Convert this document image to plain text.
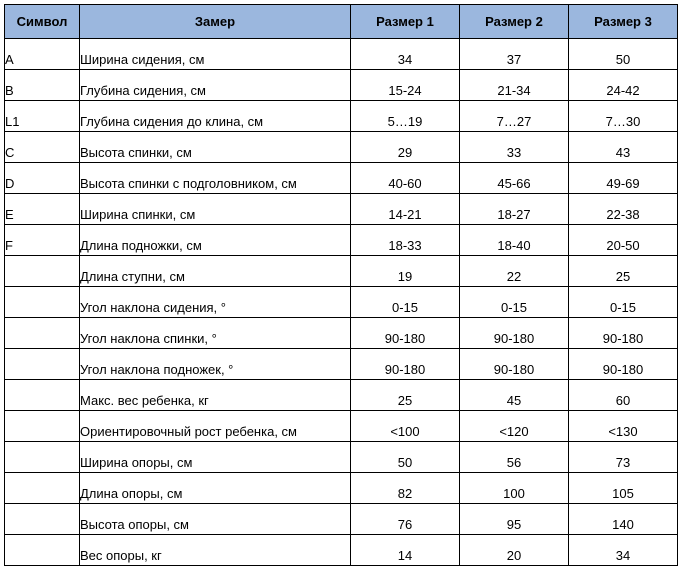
Символ	Замер	Размер 1	Размер 2	Размер 3
A	Ширина сидения, см	34	37	50
B	Глубина сидения, см	15-24	21-34	24-42
L1	Глубина сидения до клина, см	5…19	7…27	7…30
C	Высота спинки, см	29	33	43
D	Высота спинки с подголовником, см	40-60	45-66	49-69
E	Ширина спинки, см	14-21	18-27	22-38
F	Длина подножки, см	18-33	18-40	20-50
	Длина ступни, см	19	22	25
	Угол наклона сидения, °	0-15	0-15	0-15
	Угол наклона спинки, °	90-180	90-180	90-180
	Угол наклона подножек, °	90-180	90-180	90-180
	Макс. вес ребенка, кг	25	45	60
	Ориентировочный рост ребенка, см	<100	<120	<130
	Ширина опоры, см	50	56	73
	Длина опоры, см	82	100	105
	Высота опоры, см	76	95	140
	Вес опоры, кг	14	20	34
